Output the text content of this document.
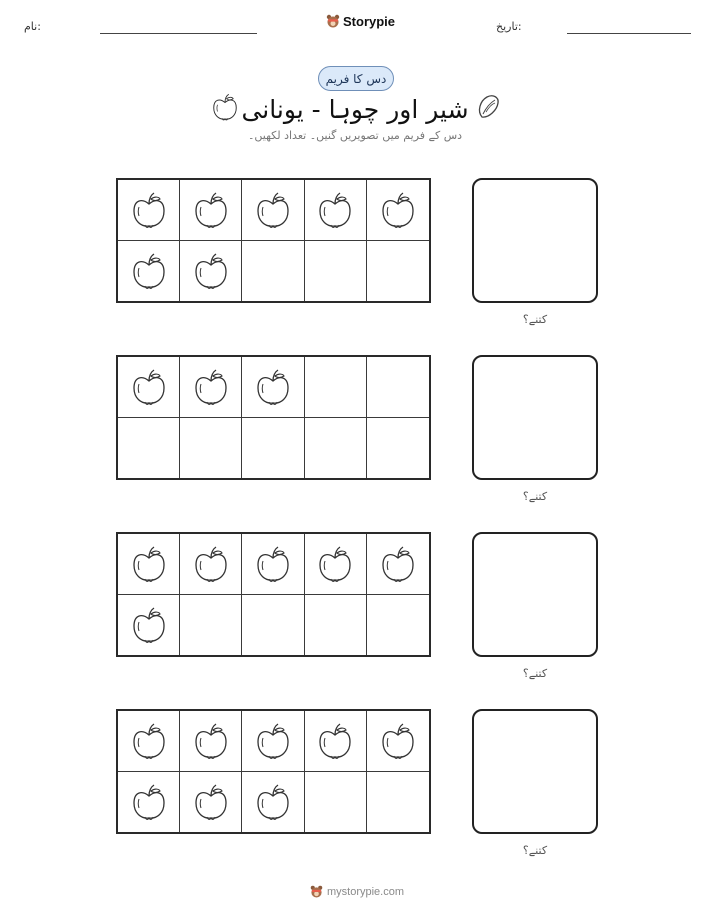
نام:	Storypie	تاریخ:
دس کا فریم
شیر اور چوہا - یونانی
دس کے فریم میں تصویریں گنیں۔ تعداد لکھیں۔
کتنے؟
کتنے؟
کتنے؟
کتنے؟
mystorypie.com
